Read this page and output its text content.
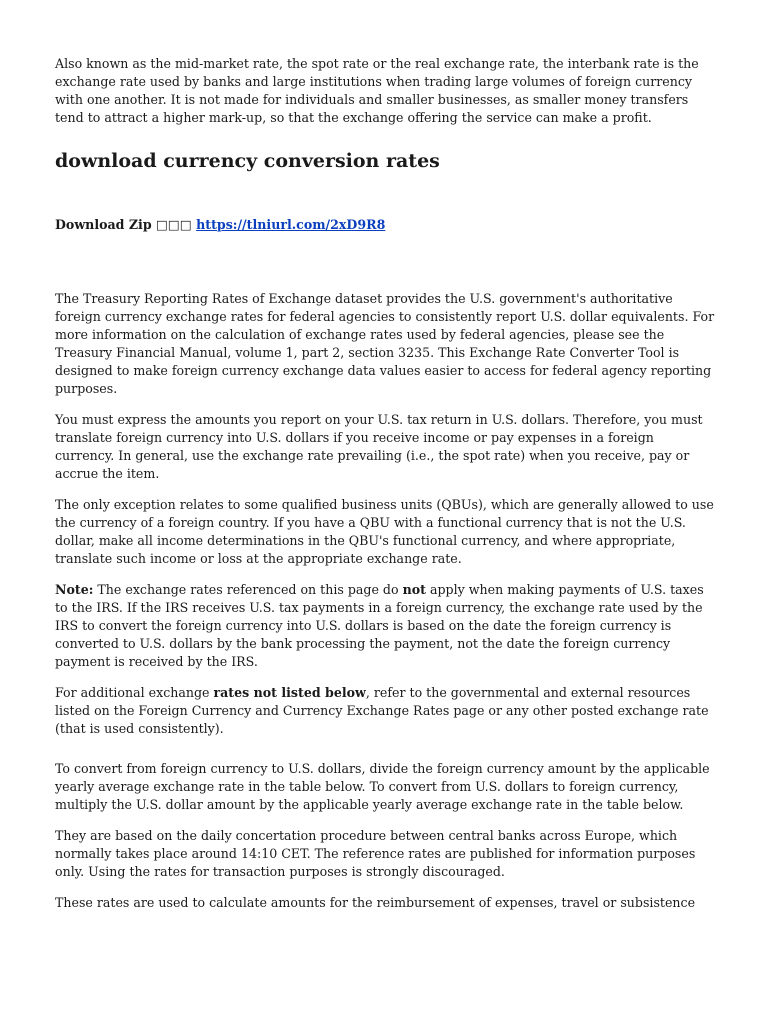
Also known as the mid-market rate, the spot rate or the real exchange rate, the interbank rate is the exchange rate used by banks and large institutions when trading large volumes of foreign currency with one another. It is not made for individuals and smaller businesses, as smaller money transfers tend to attract a higher mark-up, so that the exchange offering the service can make a profit.

download currency conversion rates
Download Zip □□□ https://tlniurl.com/2xD9R8

The Treasury Reporting Rates of Exchange dataset provides the U.S. government's authoritative foreign currency exchange rates for federal agencies to consistently report U.S. dollar equivalents. For more information on the calculation of exchange rates used by federal agencies, please see the Treasury Financial Manual, volume 1, part 2, section 3235. This Exchange Rate Converter Tool is designed to make foreign currency exchange data values easier to access for federal agency reporting purposes.

You must express the amounts you report on your U.S. tax return in U.S. dollars. Therefore, you must translate foreign currency into U.S. dollars if you receive income or pay expenses in a foreign currency. In general, use the exchange rate prevailing (i.e., the spot rate) when you receive, pay or accrue the item.

The only exception relates to some qualified business units (QBUs), which are generally allowed to use the currency of a foreign country. If you have a QBU with a functional currency that is not the U.S. dollar, make all income determinations in the QBU's functional currency, and where appropriate, translate such income or loss at the appropriate exchange rate.

Note: The exchange rates referenced on this page do not apply when making payments of U.S. taxes to the IRS. If the IRS receives U.S. tax payments in a foreign currency, the exchange rate used by the IRS to convert the foreign currency into U.S. dollars is based on the date the foreign currency is converted to U.S. dollars by the bank processing the payment, not the date the foreign currency payment is received by the IRS.

For additional exchange rates not listed below, refer to the governmental and external resources listed on the Foreign Currency and Currency Exchange Rates page or any other posted exchange rate (that is used consistently).

To convert from foreign currency to U.S. dollars, divide the foreign currency amount by the applicable yearly average exchange rate in the table below. To convert from U.S. dollars to foreign currency, multiply the U.S. dollar amount by the applicable yearly average exchange rate in the table below.

They are based on the daily concertation procedure between central banks across Europe, which normally takes place around 14:10 CET. The reference rates are published for information purposes only. Using the rates for transaction purposes is strongly discouraged.

These rates are used to calculate amounts for the reimbursement of expenses, travel or subsistence
